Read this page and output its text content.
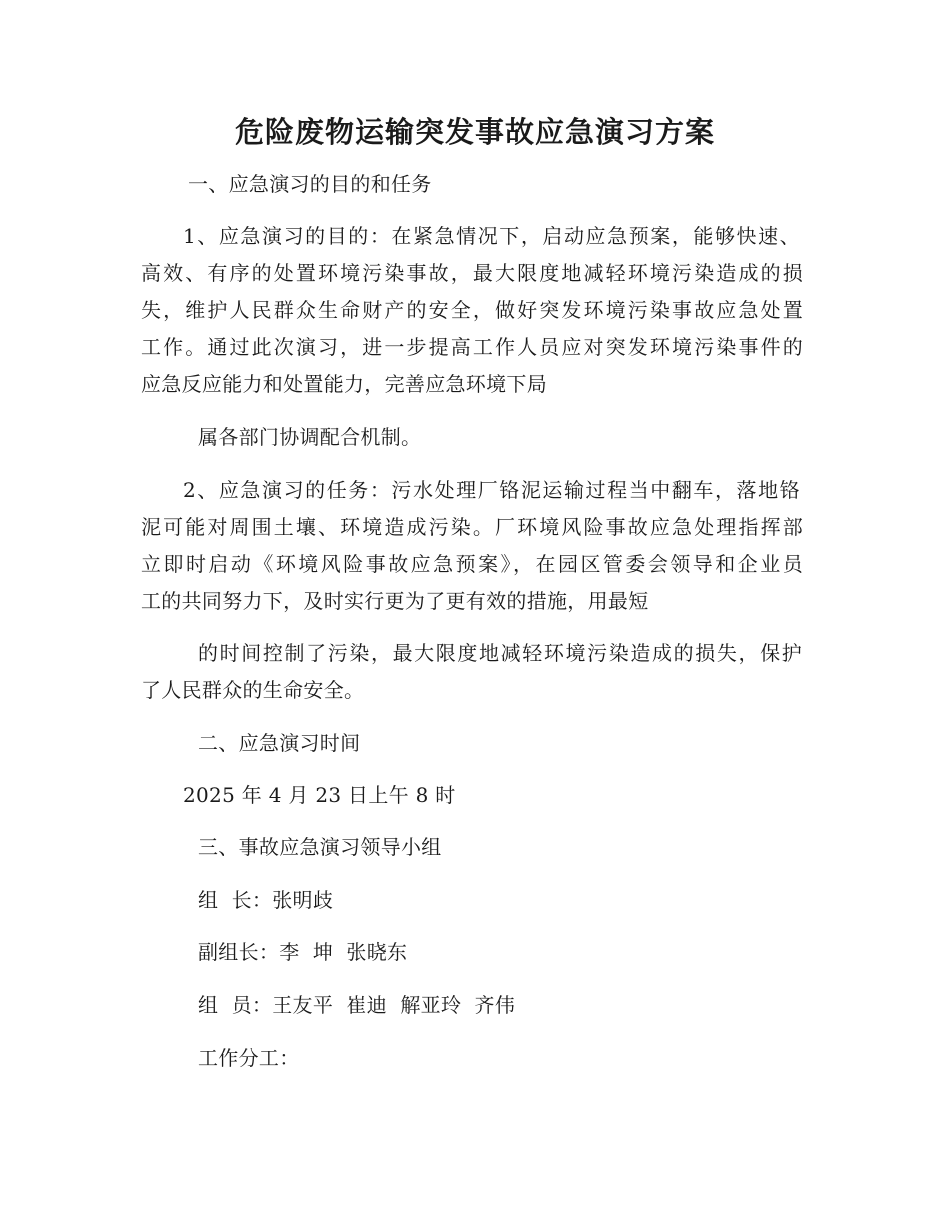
危险废物运输突发事故应急演习方案
一、应急演习的目的和任务
1、应急演习的目的：在紧急情况下，启动应急预案，能够快速、
高效、有序的处置环境污染事故，最大限度地减轻环境污染造成的损
失，维护人民群众生命财产的安全，做好突发环境污染事故应急处置
工作。通过此次演习，进一步提高工作人员应对突发环境污染事件的
应急反应能力和处置能力，完善应急环境下局
属各部门协调配合机制。
2、应急演习的任务：污水处理厂铬泥运输过程当中翻车，落地铬
泥可能对周围土壤、环境造成污染。厂环境风险事故应急处理指挥部
立即时启动《环境风险事故应急预案》，在园区管委会领导和企业员
工的共同努力下，及时实行更为了更有效的措施，用最短
的时间控制了污染，最大限度地减轻环境污染造成的损失，保护
了人民群众的生命安全。
二、应急演习时间
2025 年 4 月 23 日上午 8 时
三、事故应急演习领导小组
组  长：张明歧
副组长：李  坤  张晓东
组  员：王友平  崔迪  解亚玲  齐伟
工作分工：
